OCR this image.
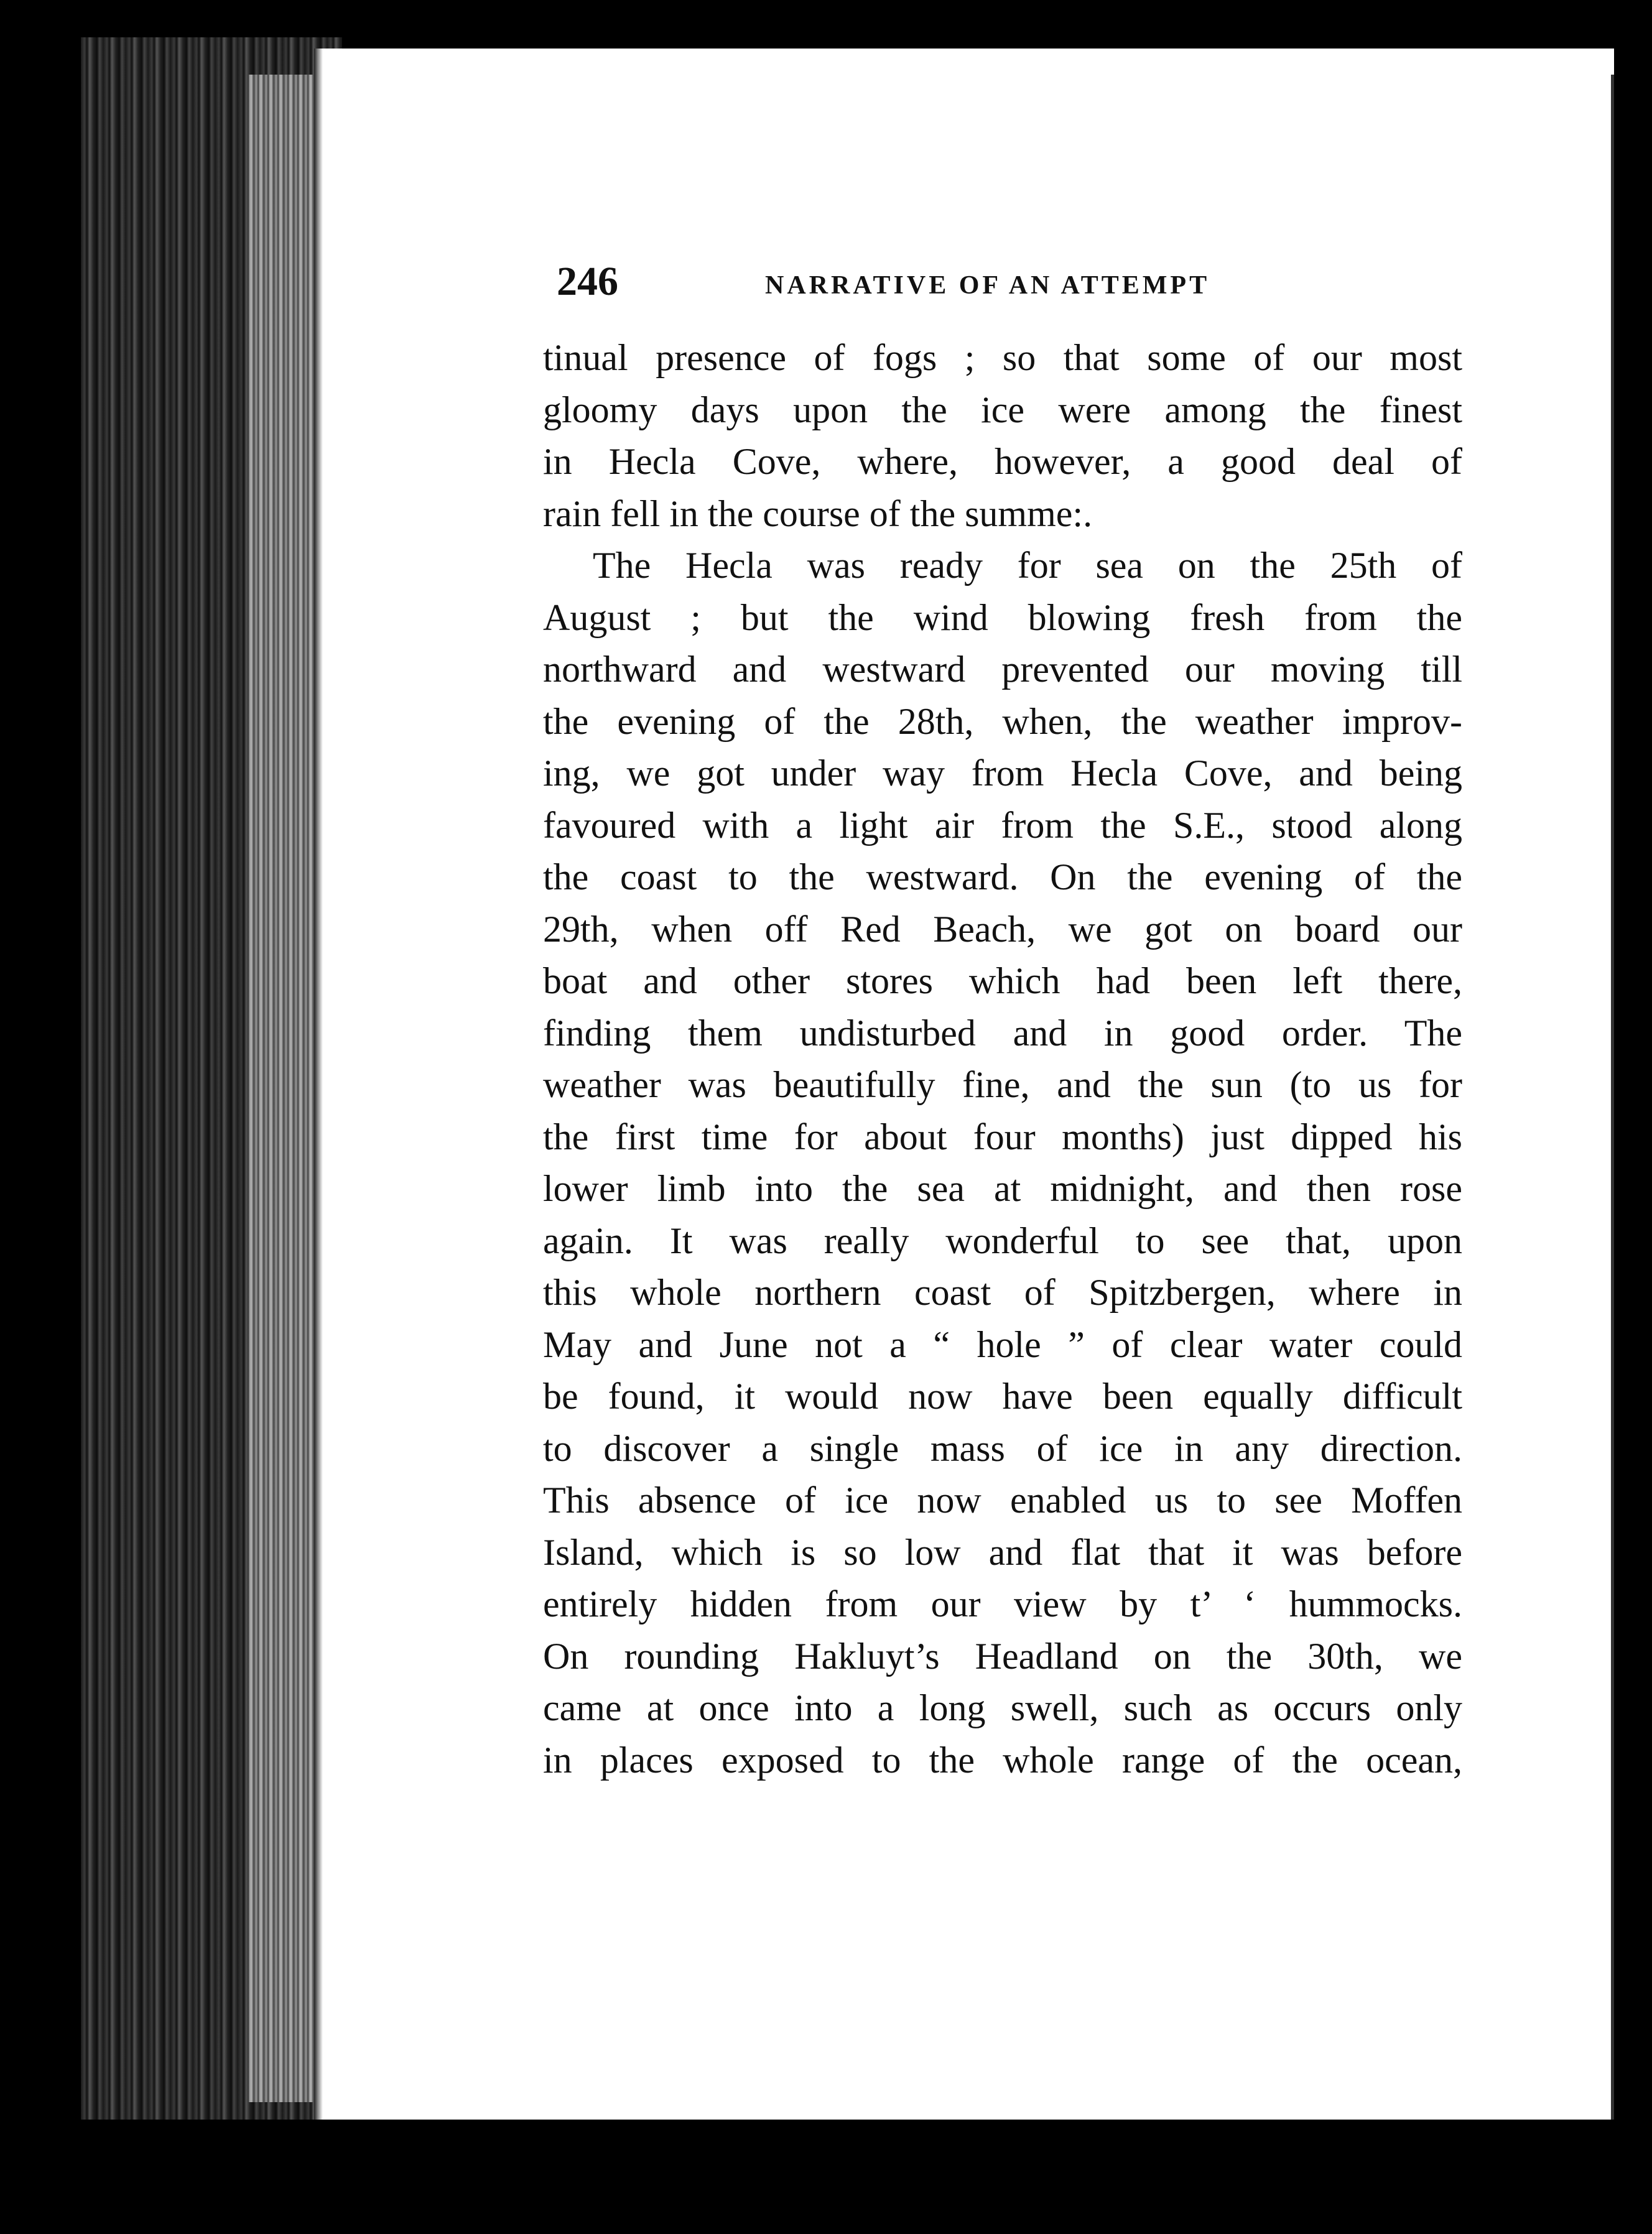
246	NARRATIVE OF AN ATTEMPT
tinual presence of fogs ; so that some of our most
gloomy days upon the ice were among the finest
in Hecla Cove, where, however, a good deal of
rain fell in the course of the summe:.
The Hecla was ready for sea on the 25th of
August ; but the wind blowing fresh from the
northward and westward prevented our moving till
the evening of the 28th, when, the weather improv-
ing, we got under way from Hecla Cove, and being
favoured with a light air from the S.E., stood along
the coast to the westward. On the evening of the
29th, when off Red Beach, we got on board our
boat and other stores which had been left there,
finding them undisturbed and in good order. The
weather was beautifully fine, and the sun (to us for
the first time for about four months) just dipped his
lower limb into the sea at midnight, and then rose
again. It was really wonderful to see that, upon
this whole northern coast of Spitzbergen, where in
May and June not a “ hole ” of clear water could
be found, it would now have been equally difficult
to discover a single mass of ice in any direction.
This absence of ice now enabled us to see Moffen
Island, which is so low and flat that it was before
entirely hidden from our view by t’ ‘ hummocks.
On rounding Hakluyt’s Headland on the 30th, we
came at once into a long swell, such as occurs only
in places exposed to the whole range of the ocean,
